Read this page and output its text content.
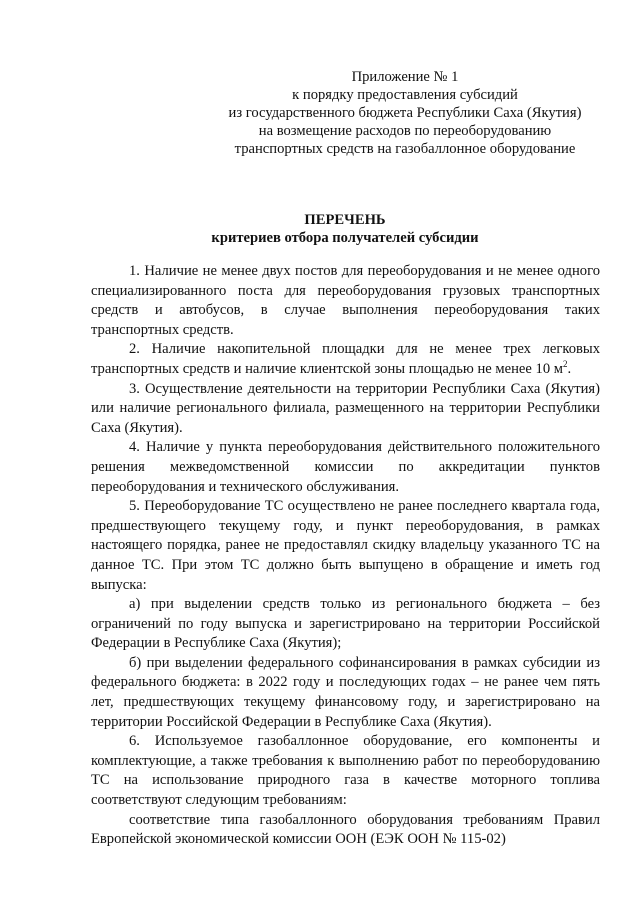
Приложение № 1
к порядку предоставления субсидий
из государственного бюджета Республики Саха (Якутия)
на возмещение расходов по переоборудованию
транспортных средств на газобаллонное оборудование
ПЕРЕЧЕНЬ
критериев отбора получателей субсидии

1. Наличие не менее двух постов для переоборудования и не менее одного специализированного поста для переоборудования грузовых транспортных средств и автобусов, в случае выполнения переоборудования таких транспортных средств.

2. Наличие накопительной площадки для не менее трех легковых транспортных средств и наличие клиентской зоны площадью не менее 10 $м^2$.

3. Осуществление деятельности на территории Республики Саха (Якутия) или наличие регионального филиала, размещенного на территории Республики Саха (Якутия).

4. Наличие у пункта переоборудования действительного положительного решения межведомственной комиссии по аккредитации пунктов переоборудования и технического обслуживания.

5. Переоборудование ТС осуществлено не ранее последнего квартала года, предшествующего текущему году, и пункт переоборудования, в рамках настоящего порядка, ранее не предоставлял скидку владельцу указанного ТС на данное ТС. При этом ТС должно быть выпущено в обращение и иметь год выпуска:

а) при выделении средств только из регионального бюджета – без ограничений по году выпуска и зарегистрировано на территории Российской Федерации в Республике Саха (Якутия);

б) при выделении федерального софинансирования в рамках субсидии из федерального бюджета: в 2022 году и последующих годах – не ранее чем пять лет, предшествующих текущему финансовому году, и зарегистрировано на территории Российской Федерации в Республике Саха (Якутия).

6. Используемое газобаллонное оборудование, его компоненты и комплектующие, а также требования к выполнению работ по переоборудованию ТС на использование природного газа в качестве моторного топлива соответствуют следующим требованиям:

соответствие типа газобаллонного оборудования требованиям Правил Европейской экономической комиссии ООН (ЕЭК ООН № 115-02)
